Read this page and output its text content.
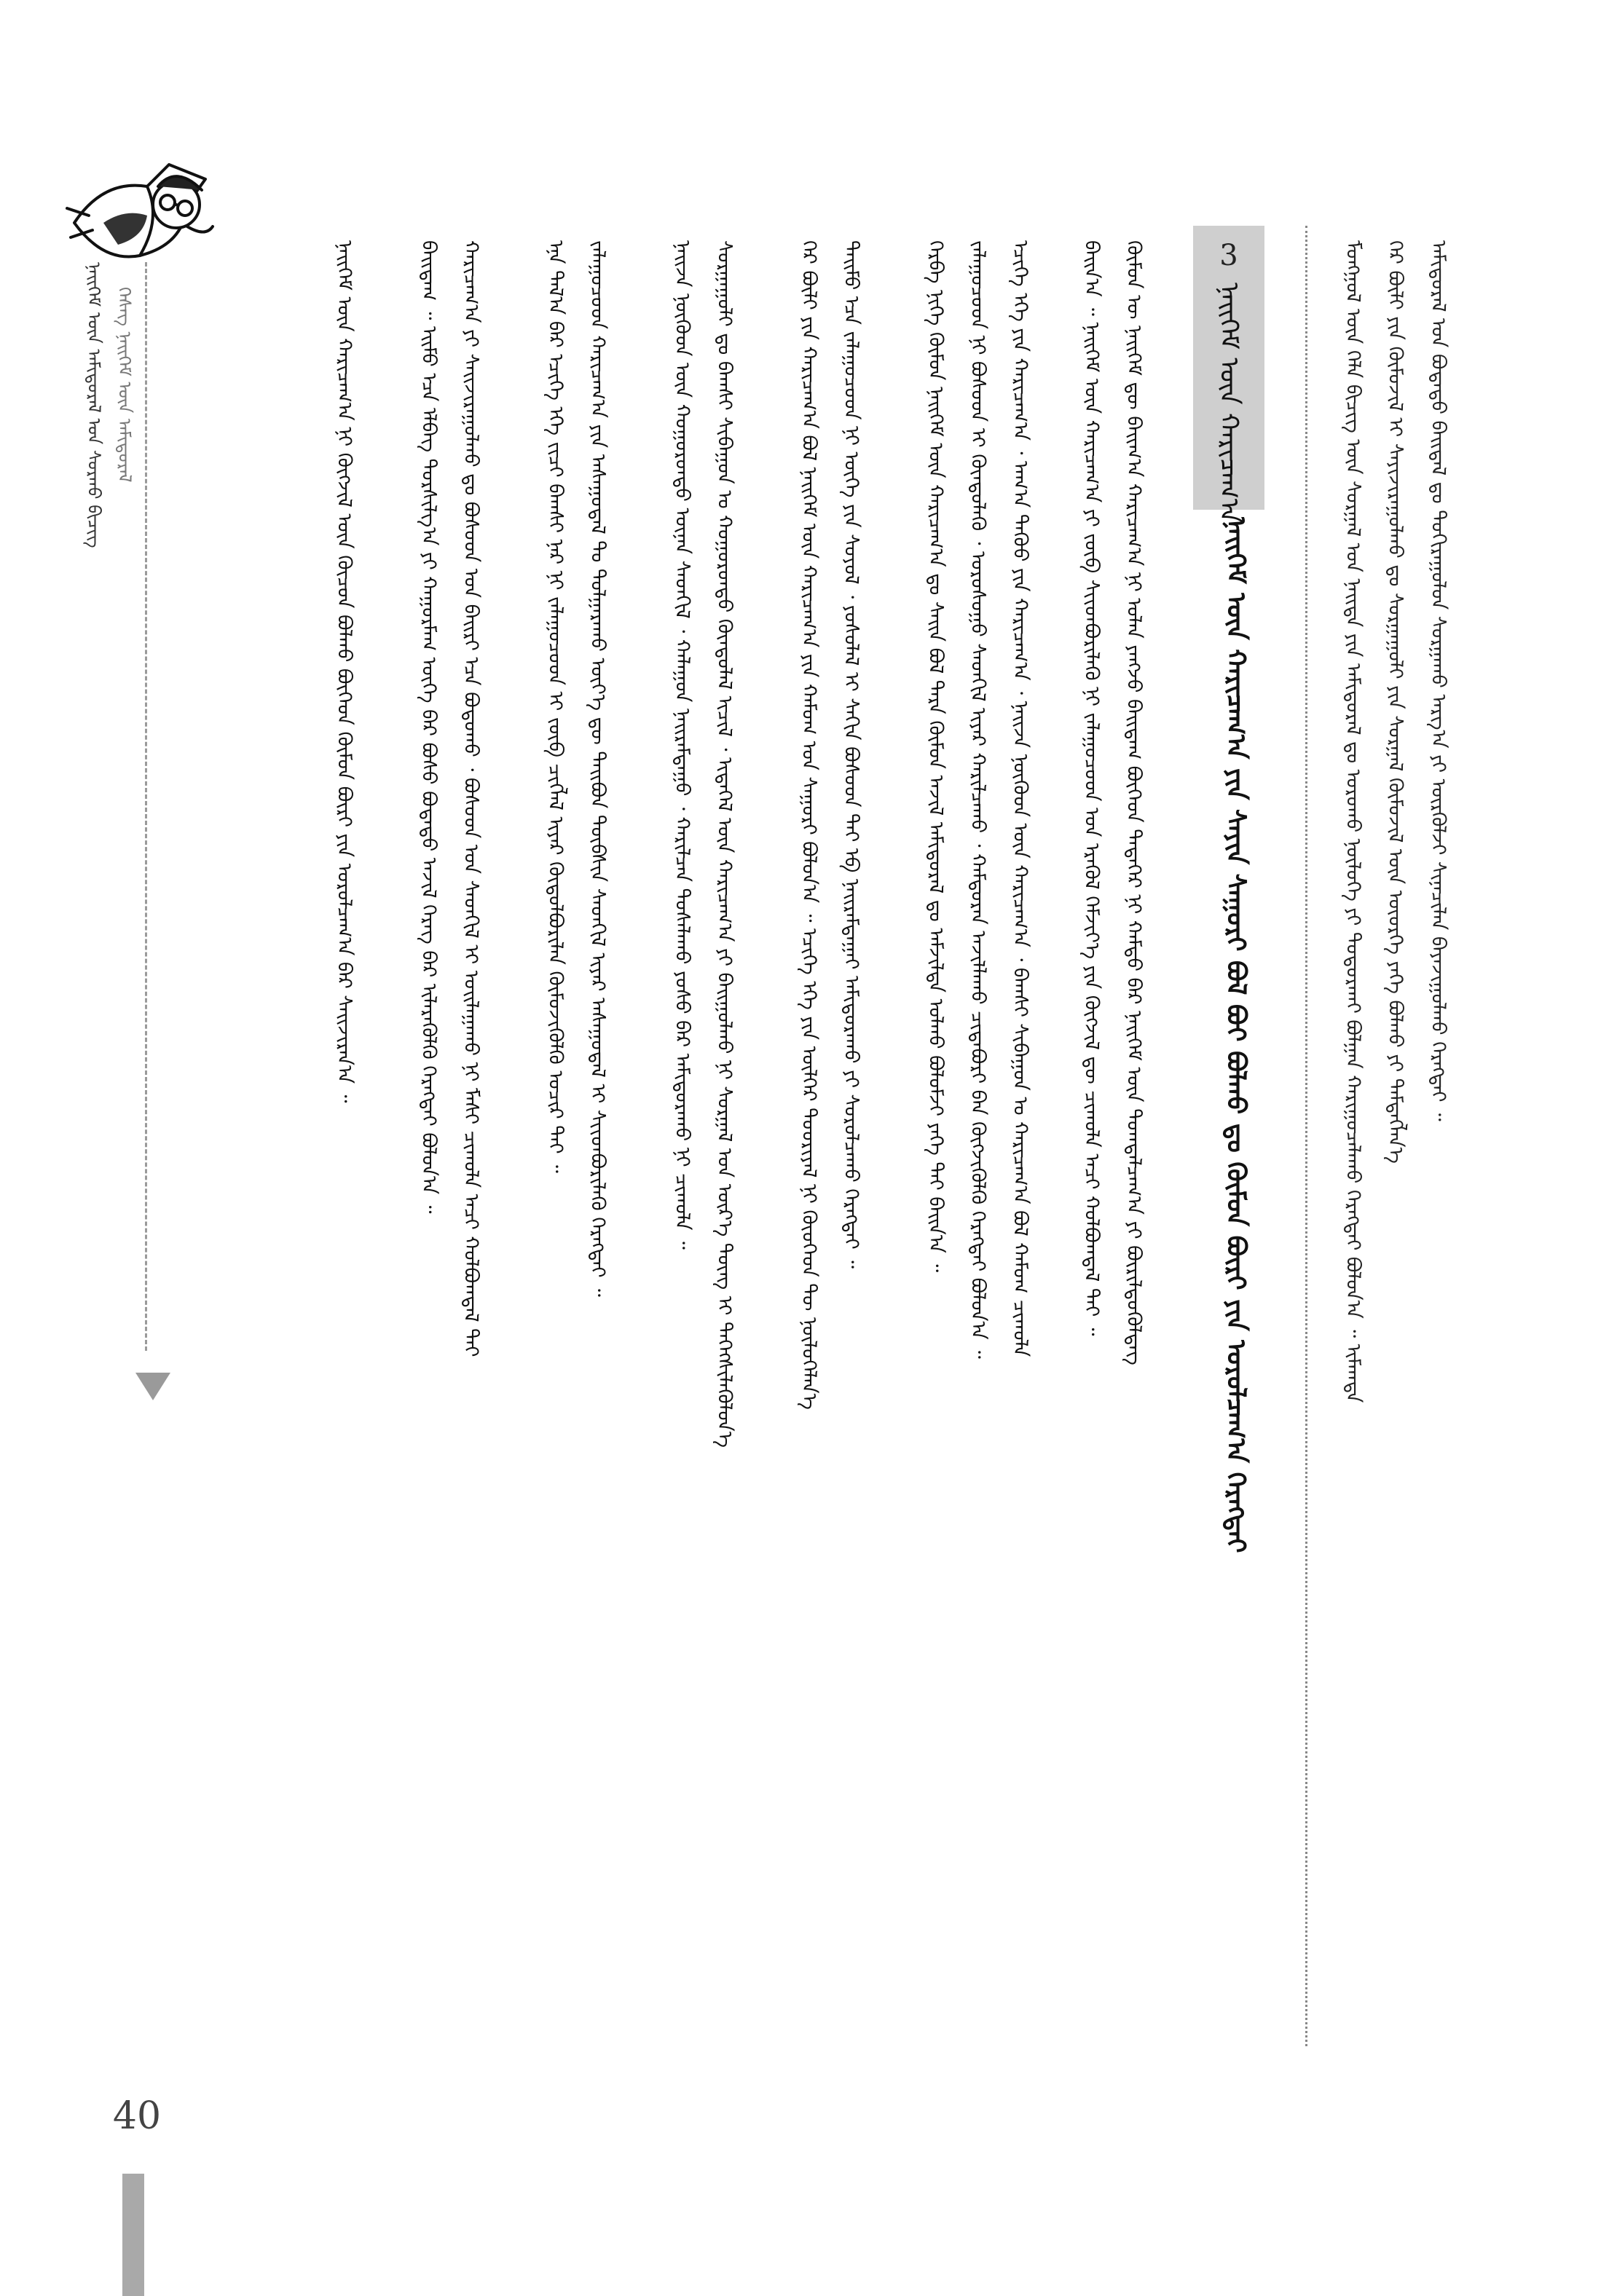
40
ᠨᠡᠢᠭᠡᠮ ᠦᠨ ᠠᠮᠢᠳᠤᠷᠠᠯ ᠤᠨ ᠰᠤᠷᠬᠤ ᠪᠢᠴᠢᠭ ᠬᠡᠰᠡᠭ ᠨᠡᠢᠭᠡᠮ ᠦᠨ ᠠᠮᠢᠳᠤᠷᠠᠯ	ᠮᠣᠩᠭᠣᠯ ᠦᠨ ᠬᠡᠯᠡ ᠪᠢᠴᠢᠭ ᠦᠨ ᠰᠤᠷᠭᠠᠯ ᠤᠨ ᠨᠡᠢᠲᠡ ᠶᠢᠨ ᠠᠮᠢᠳᠤᠷᠠᠯ ᠳᠤ ᠣᠷᠣᠬᠤ ᠨᠥᠯᠦᠭᠡ ᠶᠢ ᠲᠣᠳᠣᠷᠬᠠᠢ ᠪᠣᠯᠭᠠᠨ ᠬᠠᠷᠢᠭᠤᠴᠠᠯᠠᠬᠤ ᠬᠡᠷᠡᠭᠲᠡᠢ ᠪᠣᠯᠤᠨ᠎ᠠ ᠃ ᠢᠮᠠᠭᠲᠠ ᠭᠡᠷ ᠪᠦᠯᠢ ᠶᠢᠨ ᠬᠦᠮᠦᠵᠢᠯ ᠢ ᠰᠠᠶᠢᠵᠢᠷᠠᠭᠤᠯᠬᠤ ᠳᠤ ᠰᠤᠷᠭᠠᠭᠤᠯᠢ ᠶᠢᠨ ᠰᠤᠷᠭᠠᠯ ᠬᠦᠮᠦᠵᠢᠯ ᠦᠨ ᠦᠦᠷᠭᠡ ᠶᠡᠬᠡ ᠪᠣᠯᠬᠤ ᠶᠢ ᠲᠡᠮᠳᠡᠭᠯᠡᠨ᠎ᠡ ᠠᠮᠢᠳᠤᠷᠠᠯ ᠤᠨ ᠪᠣᠳᠠᠲᠤ ᠪᠠᠢᠳᠠᠯ ᠳᠤ ᠲᠣᠬᠢᠷᠠᠭᠤᠯᠤᠨ ᠰᠤᠷᠭᠠᠬᠤ ᠠᠷᠭ᠎ᠠ ᠶᠢ ᠦᠷᠭᠦᠯᠵᠢ ᠰᠢᠨᠡᠴᠢᠯᠡᠨ ᠪᠠᠶᠠᠵᠢᠭᠤᠯᠬᠤ ᠬᠡᠷᠡᠭᠲᠡᠢ ᠃
3
ᠨᠡᠢᠭᠡᠮ ᠦᠨ ᠬᠠᠷᠢᠴᠠᠭ᠎ᠠ
ᠨᠡᠢᠭᠡᠮ ᠦᠨ ᠬᠠᠷᠢᠴᠠᠭ᠎ᠠ ᠶᠢᠨ ᠰᠠᠶᠢᠨ ᠰᠠᠭᠤᠷᠢ ᠪᠣᠯ ᠪᠤᠢ ᠪᠣᠯᠬᠤ ᠳᠤ ᠬᠦᠮᠦᠨ ᠪᠦᠷᠢ ᠶᠢᠨ ᠣᠷᠣᠯᠴᠠᠭ᠎ᠠ ᠬᠡᠷᠡᠭᠲᠡᠢ
ᠬᠦᠮᠦᠨ ᠦ ᠨᠡᠢᠭᠡᠮ ᠳᠦ ᠪᠠᠢᠭ᠎ᠠ ᠬᠠᠷᠢᠴᠠᠭ᠎ᠠ ᠨᠢ ᠣᠯᠠᠨ ᠶᠠᠩᠵᠤ ᠪᠠᠢᠳᠠᠭ ᠪᠥᠭᠡᠳ ᠲᠡᠳᠡᠭᠡᠷ ᠨᠢ ᠬᠠᠮᠲᠤ ᠪᠠᠷ ᠨᠡᠢᠭᠡᠮ ᠦᠨ ᠲᠣᠭᠲᠠᠯᠴᠠᠭ᠎ᠠ ᠶᠢ ᠪᠦᠷᠢᠯᠳᠦᠭᠦᠯᠳᠡᠭ
ᠪᠠᠢᠨ᠎ᠠ ᠃ ᠨᠡᠢᠭᠡᠮ ᠦᠨ ᠬᠠᠷᠢᠴᠠᠭ᠎ᠠ ᠶᠢ ᠵᠥᠪ ᠰᠢᠢᠳᠪᠦᠷᠢᠯᠡᠬᠦ ᠨᠢ ᠵᠠᠯᠠᠭᠤᠴᠤᠳ ᠤᠨ ᠡᠷᠡᠭᠦᠯ ᠬᠡᠮᠵᠢᠶ᠎ᠡ ᠶᠢᠨ ᠬᠥᠭᠵᠢᠯ ᠳᠦ ᠴᠢᠬᠤᠯᠠ ᠠᠴᠢ ᠬᠣᠯᠪᠣᠭᠳᠠᠯ ᠲᠠᠢ ᠃
ᠡᠴᠢᠭᠡ ᠡᠬᠡ ᠶᠢᠨ ᠬᠠᠷᠢᠴᠠᠭ᠎ᠠ ᠂ ᠠᠬ᠎ᠠ ᠳᠡᠭᠦᠦ ᠶᠢᠨ ᠬᠠᠷᠢᠴᠠᠭ᠎ᠠ ᠂ ᠨᠠᠢᠵᠠ ᠨᠥᠬᠦᠳ ᠦᠨ ᠬᠠᠷᠢᠴᠠᠭ᠎ᠠ ᠂ ᠪᠠᠭᠰᠢ ᠰᠢᠪᠠᠭᠤᠨ ᠤ ᠬᠠᠷᠢᠴᠠᠭ᠎ᠠ ᠪᠣᠯ ᠬᠠᠮᠤᠭ ᠴᠢᠬᠤᠯᠠ
ᠵᠠᠯᠠᠭᠤᠴᠤᠳ ᠨᠢ ᠪᠤᠰᠤᠳ ᠢ ᠬᠦᠨᠳᠦᠯᠡᠬᠦ ᠂ ᠤᠷᠤᠰᠤᠭᠤ ᠰᠡᠳᠬᠢᠯ ᠢᠶᠠᠷ ᠬᠠᠷᠢᠯᠴᠠᠬᠤ ᠂ ᠬᠠᠮᠲᠤᠷᠠᠨ ᠠᠵᠢᠯᠯᠠᠬᠤ ᠴᠢᠳᠠᠪᠤᠷᠢ ᠪᠠᠨ ᠬᠥᠭᠵᠢᠭᠦᠯᠬᠦ ᠬᠡᠷᠡᠭᠲᠡᠢ ᠪᠣᠯᠤᠨ᠎ᠠ ᠃
ᠬᠡᠷᠪᠡ ᠨᠢᠭᠡ ᠬᠦᠮᠦᠨ ᠨᠡᠢᠭᠡᠮ ᠦᠨ ᠬᠠᠷᠢᠴᠠᠭ᠎ᠠ ᠳᠤ ᠰᠠᠢᠨ ᠪᠣᠯ ᠲᠡᠷᠡ ᠬᠦᠮᠦᠨ ᠠᠵᠢᠯ ᠠᠮᠢᠳᠤᠷᠠᠯ ᠳᠤ ᠠᠮᠵᠢᠯᠲᠠ ᠣᠯᠬᠤ ᠪᠣᠯᠤᠮᠵᠢ ᠶᠡᠬᠡ ᠲᠡᠢ ᠪᠠᠢᠨ᠎ᠠ ᠃
ᠲᠡᠢᠮᠦ ᠡᠴᠡ ᠵᠠᠯᠠᠭᠤᠴᠤᠳ ᠨᠢ ᠦᠭᠡ ᠶᠢᠨ ᠰᠣᠶᠤᠯ ᠂ ᠶᠣᠰᠣᠯᠠᠯ ᠢ ᠰᠠᠬᠢᠨ ᠪᠤᠰᠤᠳ ᠲᠠᠢ ᠡᠪ ᠨᠠᠢᠷᠠᠮᠳᠠᠭᠠᠢ ᠠᠮᠢᠳᠤᠷᠠᠬᠤ ᠶᠢ ᠰᠤᠷᠤᠯᠴᠠᠬᠤ ᠬᠡᠷᠡᠭᠲᠡᠢ ᠃
ᠭᠡᠷ ᠪᠦᠯᠢ ᠶᠢᠨ ᠬᠠᠷᠢᠴᠠᠭ᠎ᠠ ᠪᠣᠯ ᠨᠡᠢᠭᠡᠮ ᠦᠨ ᠬᠠᠷᠢᠴᠠᠭ᠎ᠠ ᠶᠢᠨ ᠬᠠᠮᠤᠭ ᠤᠨ ᠰᠠᠭᠤᠷᠢ ᠪᠣᠯᠤᠨ᠎ᠠ ᠃ ᠡᠴᠢᠭᠡ ᠡᠬᠡ ᠶᠢᠨ ᠦᠯᠭᠡᠷ ᠳᠤᠤᠷᠢᠶᠠᠯ ᠨᠢ ᠬᠦᠦᠬᠡᠳ ᠲᠦ ᠨᠥᠯᠦᠭᠡᠯᠡᠨ᠎ᠡ
ᠰᠤᠷᠭᠠᠭᠤᠯᠢ ᠳᠤ ᠪᠠᠭᠰᠢ ᠰᠢᠪᠠᠭᠤᠨ ᠤ ᠬᠣᠭᠣᠷᠣᠨᠳᠤ ᠬᠦᠨᠳᠦᠯᠡᠯ ᠢᠴᠢᠯ ᠂ ᠢᠲᠡᠭᠡᠯ ᠦᠨ ᠬᠠᠷᠢᠴᠠᠭ᠎ᠠ ᠶᠢ ᠪᠠᠢᠭᠤᠯᠬᠤ ᠨᠢ ᠰᠤᠷᠭᠠᠯ ᠤᠨ ᠦᠷ᠎ᠡ ᠳᠦᠩ ᠢ ᠳᠡᠭᠡᠭᠰᠢᠯᠡᠭᠦᠯᠦᠨ᠎ᠡ
ᠨᠠᠢᠵᠠ ᠨᠥᠬᠦᠳ ᠦᠨ ᠬᠣᠭᠣᠷᠣᠨᠳᠤ ᠦᠨᠡᠨ ᠰᠡᠳᠬᠢᠯ ᠂ ᠬᠠᠯᠠᠭᠤᠨ ᠨᠠᠢᠷᠠᠮᠳᠠᠭᠤ ᠂ ᠬᠠᠷᠢᠯᠴᠠᠨ ᠲᠤᠰᠠᠯᠠᠬᠤ ᠶᠣᠰᠣ ᠪᠠᠷ ᠠᠮᠢᠳᠤᠷᠠᠬᠤ ᠨᠢ ᠴᠢᠬᠤᠯᠠ ᠃
ᠵᠠᠯᠠᠭᠤᠴᠤᠳ ᠬᠠᠷᠢᠴᠠᠭ᠎ᠠ ᠶᠢᠨ ᠠᠰᠠᠭᠤᠳᠠᠯ ᠲᠤ ᠲᠤᠯᠭᠠᠷᠠᠬᠤ ᠦᠶ᠎ᠡ ᠳᠦ ᠲᠠᠢᠪᠤᠨ ᠲᠦᠪᠰᠢᠨ ᠰᠡᠳᠬᠢᠯ ᠢᠶᠠᠷ ᠠᠰᠠᠭᠤᠳᠠᠯ ᠢ ᠰᠢᠢᠳᠪᠦᠷᠢᠯᠡᠬᠦ ᠬᠡᠷᠡᠭᠲᠡᠢ ᠃
ᠡᠨᠡ ᠲᠠᠯ᠎ᠠ ᠪᠠᠷ ᠡᠴᠢᠭᠡ ᠡᠬᠡ ᠵᠢᠴᠢ ᠪᠠᠭᠰᠢ ᠨᠠᠷ ᠨᠢ ᠵᠠᠯᠠᠭᠤᠴᠤᠳ ᠢ ᠵᠥᠪ ᠴᠢᠭᠯᠡᠯ ᠢᠶᠠᠷ ᠬᠥᠲᠦᠯᠪᠦᠷᠢᠯᠡᠨ ᠬᠥᠮᠦᠵᠢᠭᠦᠯᠬᠦ ᠤᠴᠢᠷ ᠲᠠᠢ ᠃
ᠬᠠᠷᠢᠴᠠᠭ᠎ᠠ ᠶᠢ ᠰᠠᠢᠵᠢᠷᠠᠭᠤᠯᠬᠤ ᠳᠤ ᠪᠤᠰᠤᠳ ᠤᠨ ᠪᠠᠢᠷᠢ ᠡᠴᠡ ᠪᠣᠳᠣᠬᠤ ᠂ ᠪᠤᠰᠤᠳ ᠤᠨ ᠰᠡᠳᠬᠢᠯ ᠢ ᠣᠢᠯᠠᠭᠠᠬᠤ ᠨᠢ ᠮᠠᠰᠢ ᠴᠢᠬᠤᠯᠠ ᠠᠴᠢ ᠬᠣᠯᠪᠣᠭᠳᠠᠯ ᠲᠠᠢ
ᠪᠠᠢᠳᠠᠭ ᠃ ᠡᠢᠮᠦ ᠡᠴᠡ ᠡᠯᠪᠡᠭ ᠲᠤᠷᠰᠢᠯᠭ᠎ᠠ ᠶᠢ ᠬᠠᠭᠤᠷᠮᠠᠭ ᠦᠭᠡ ᠪᠡᠷ ᠪᠤᠰᠤ ᠪᠣᠳᠠᠲᠤ ᠠᠵᠢᠯ ᠬᠡᠷᠡᠭ ᠪᠡᠷ ᠢᠯᠡᠷᠡᠭᠦᠯᠬᠦ ᠬᠡᠷᠡᠭᠲᠡᠢ ᠪᠣᠯᠤᠨ᠎ᠠ ᠃
ᠨᠡᠢᠭᠡᠮ ᠦᠨ ᠬᠠᠷᠢᠴᠠᠭ᠎ᠠ ᠨᠢ ᠬᠥᠭᠵᠢᠯ ᠦᠨ ᠬᠦᠴᠦᠨ ᠪᠣᠯᠬᠤ ᠪᠥᠭᠡᠳ ᠬᠦᠮᠦᠨ ᠪᠦᠷᠢ ᠶᠢᠨ ᠣᠷᠣᠯᠴᠠᠭ᠎ᠠ ᠪᠠᠷ ᠰᠠᠢᠵᠢᠷᠠᠨ᠎ᠠ ᠃
